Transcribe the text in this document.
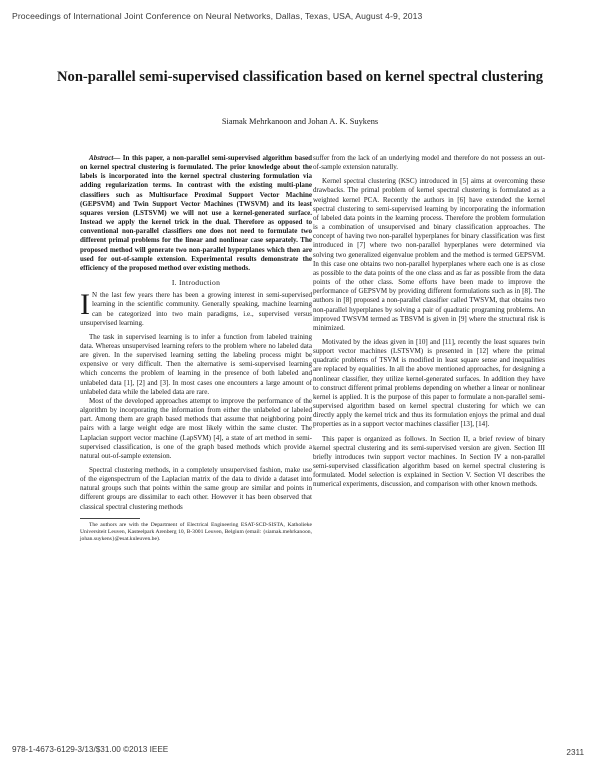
Proceedings of International Joint Conference on Neural Networks, Dallas, Texas, USA, August 4-9, 2013
Non-parallel semi-supervised classification based on kernel spectral clustering
Siamak Mehrkanoon and Johan A. K. Suykens

Abstract— In this paper, a non-parallel semi-supervised algorithm based on kernel spectral clustering is formulated. The prior knowledge about the labels is incorporated into the kernel spectral clustering formulation via adding regularization terms. In contrast with the existing multi-plane classifiers such as Multisurface Proximal Support Vector Machine (GEPSVM) and Twin Support Vector Machines (TWSVM) and its least squares version (LSTSVM) we will not use a kernel-generated surface. Instead we apply the kernel trick in the dual. Therefore as opposed to conventional non-parallel classifiers one does not need to formulate two different primal problems for the linear and nonlinear case separately. The proposed method will generate two non-parallel hyperplanes which then are used for out-of-sample extension. Experimental results demonstrate the efficiency of the proposed method over existing methods.

I. Introduction

I N the last few years there has been a growing interest in semi-supervised learning in the scientific community. Generally speaking, machine learning can be categorized into two main paradigms, i.e., supervised versus unsupervised learning.

The task in supervised learning is to infer a function from labeled training data. Whereas unsupervised learning refers to the problem where no labeled data are given. In the supervised learning setting the labeling process might be expensive or very difficult. Then the alternative is semi-supervised learning which concerns the problem of learning in the presence of both labeled and unlabeled data [1], [2] and [3]. In most cases one encounters a large amount of unlabeled data while the labeled data are rare.

Most of the developed approaches attempt to improve the performance of the algorithm by incorporating the information from either the unlabeled or labeled part. Among them are graph based methods that assume that neighboring point pairs with a large weight edge are most likely within the same cluster. The Laplacian support vector machine (LapSVM) [4], a state of art method in semi-supervised classification, is one of the graph based methods which provide a natural out-of-sample extension.

Spectral clustering methods, in a completely unsupervised fashion, make use of the eigenspectrum of the Laplacian matrix of the data to divide a dataset into natural groups such that points within the same group are similar and points in different groups are dissimilar to each other. However it has been observed that classical spectral clustering methods

The authors are with the Department of Electrical Engineering ESAT-SCD-SISTA, Katholieke Universiteit Leuven, Kasteelpark Arenberg 10, B-3001 Leuven, Belgium (email: {siamak.mehrkanoon, johan.suykens}@esat.kuleuven.be).

suffer from the lack of an underlying model and therefore do not possess an out-of-sample extension naturally.

Kernel spectral clustering (KSC) introduced in [5] aims at overcoming these drawbacks. The primal problem of kernel spectral clustering is formulated as a weighted kernel PCA. Recently the authors in [6] have extended the kernel spectral clustering to semi-supervised learning by incorporating the information of labeled data points in the learning process. Therefore the problem formulation is a combination of unsupervised and binary classification approaches. The concept of having two non-parallel hyperplanes for binary classification was first introduced in [7] where two non-parallel hyperplanes were determined via solving two generalized eigenvalue problem and the method is termed GEPSVM. In this case one obtains two non-parallel hyperplanes where each one is as close as possible to the data points of the one class and as far as possible from the data points of the other class. Some efforts have been made to improve the performance of GEPSVM by providing different formulations such as in [8]. The authors in [8] proposed a non-parallel classifier called TWSVM, that obtains two non-parallel hyperplanes by solving a pair of quadratic programing problems. An improved TWSVM termed as TBSVM is given in [9] where the structural risk is minimized.

Motivated by the ideas given in [10] and [11], recently the least squares twin support vector machines (LSTSVM) is presented in [12] where the primal quadratic problems of TSVM is modified in least square sense and inequalities are replaced by equalities. In all the above mentioned approaches, for designing a nonlinear classifier, they utilize kernel-generated surfaces. In addition they have to construct different primal problems depending on whether a linear or nonlinear kernel is applied. It is the purpose of this paper to formulate a non-parallel semi-supervised algorithm based on kernel spectral clustering for which we can directly apply the kernel trick and thus its formulation enjoys the primal and dual properties as in a support vector machines classifier [13], [14].

This paper is organized as follows. In Section II, a brief review of binary kernel spectral clustering and its semi-supervised version are given. Section III briefly introduces twin support vector machines. In Section IV a non-parallel semi-supervised classification algorithm based on kernel spectral clustering is formulated. Model selection is explained in Section V. Section VI describes the numerical experiments, discussion, and comparison with other known methods.

978-1-4673-6129-3/13/$31.00 ©2013 IEEE	2311
